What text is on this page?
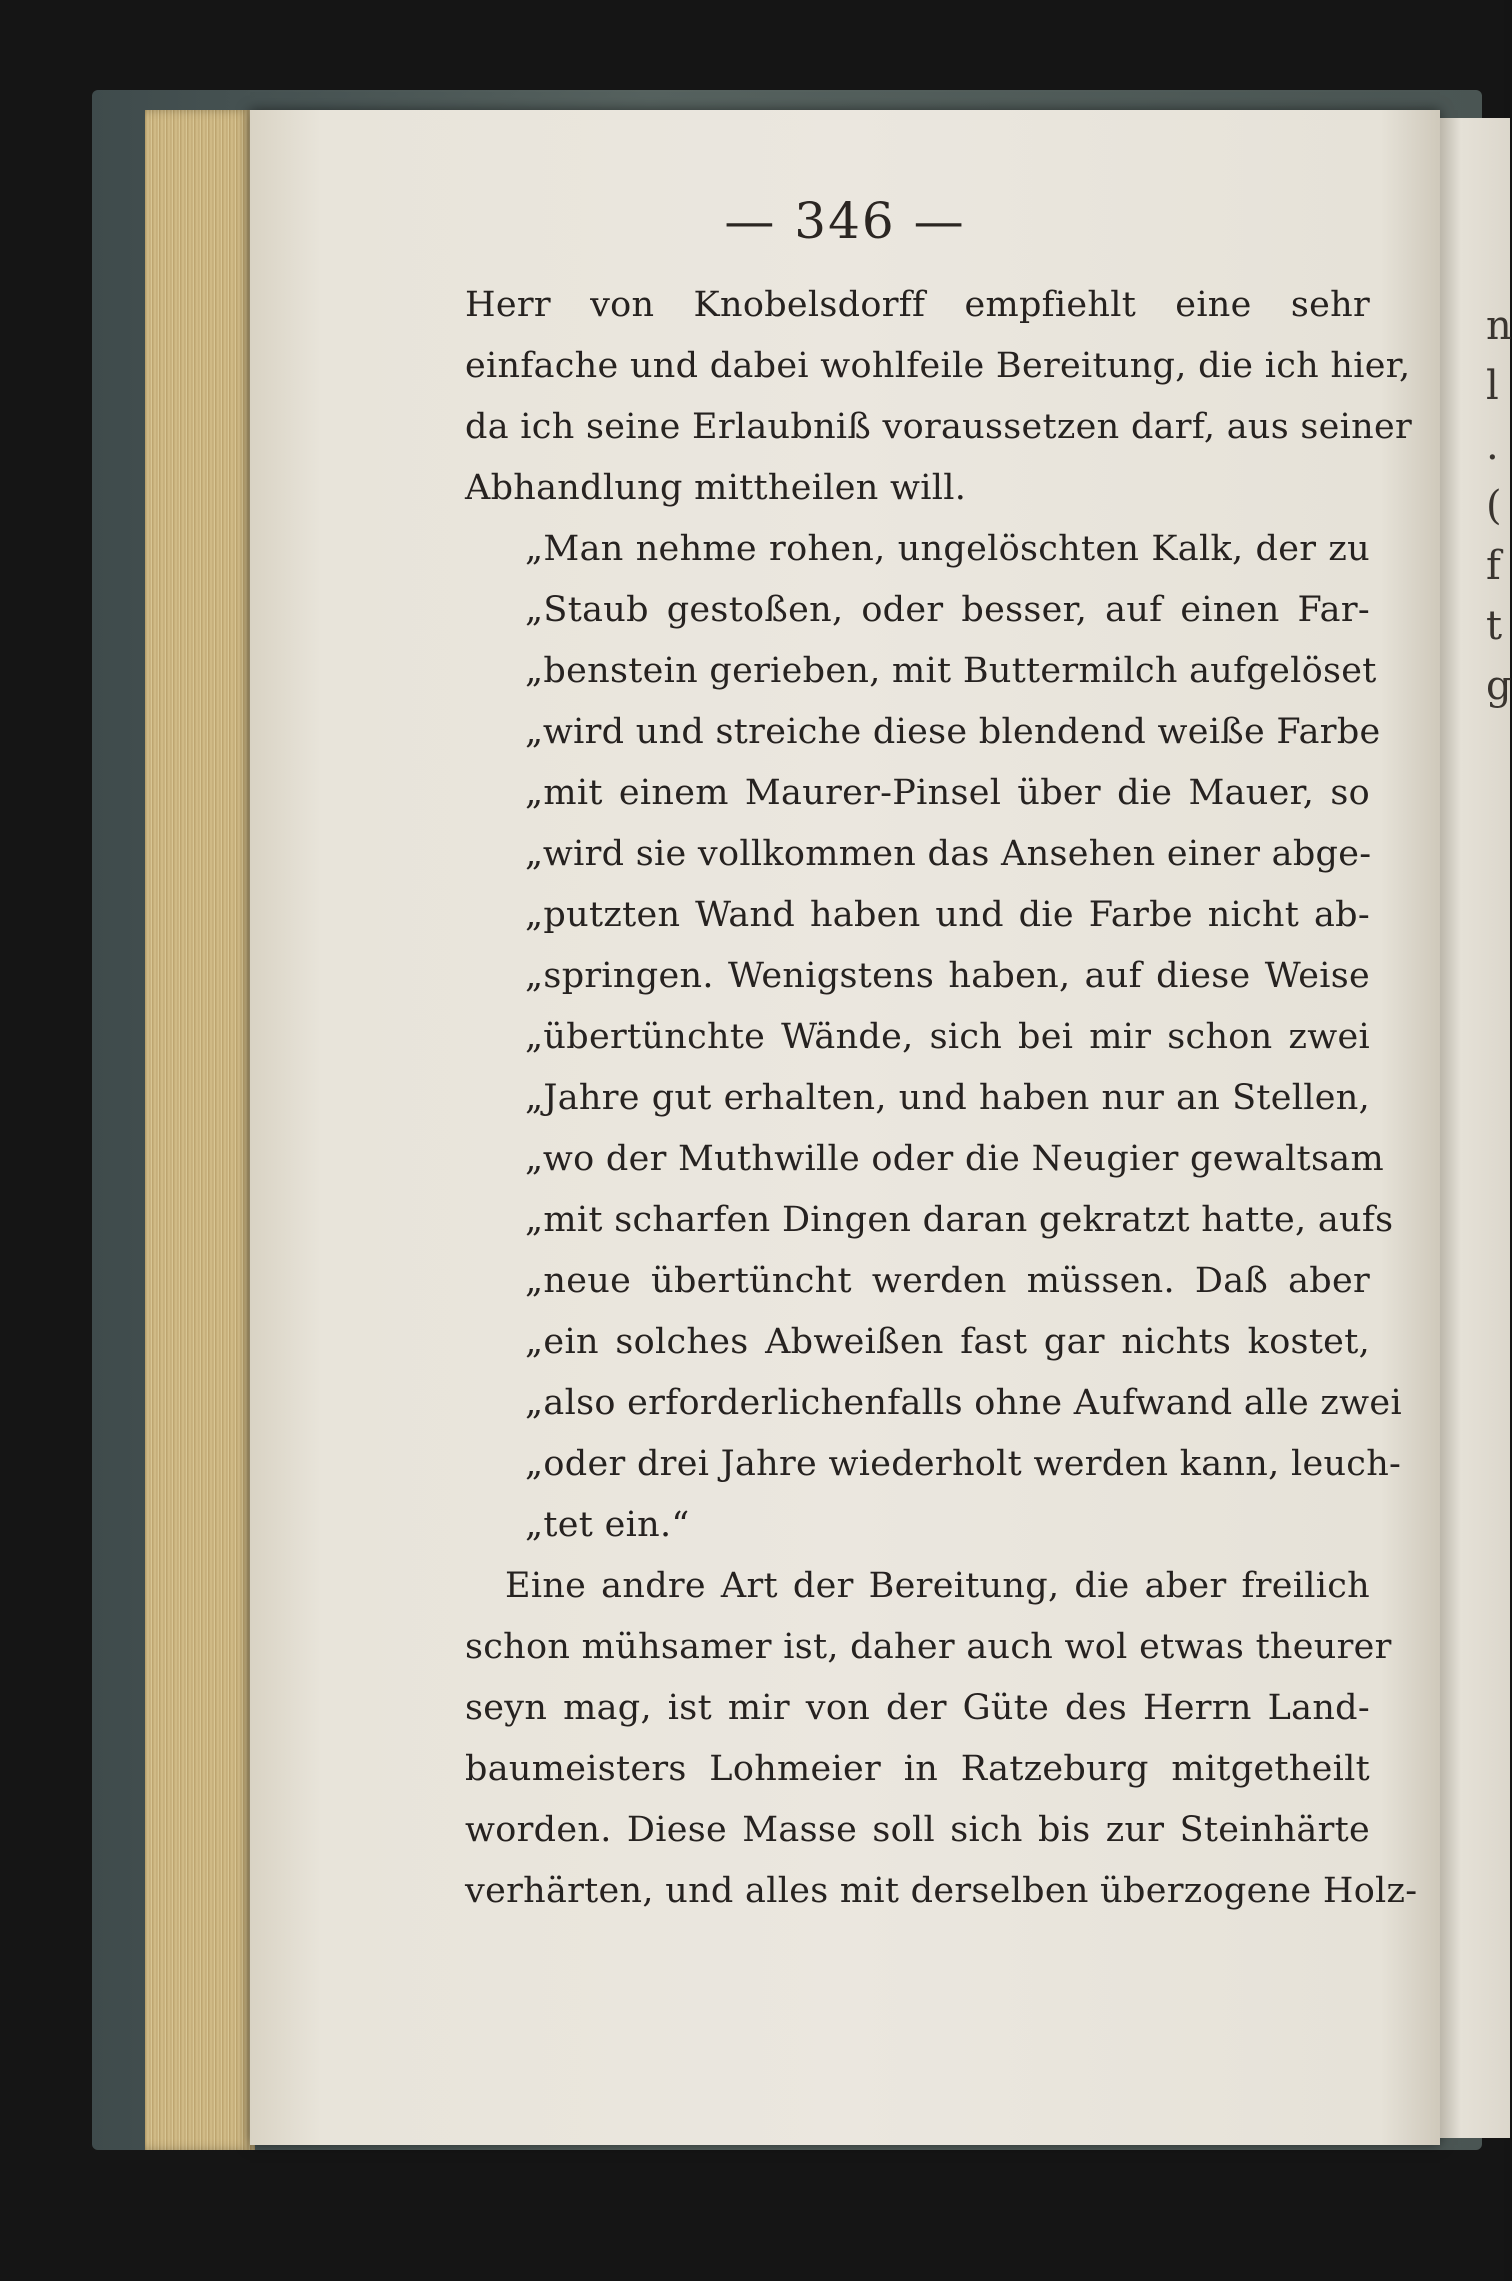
— 346 —
Herr von Knobelsdorff empfiehlt eine sehr
einfache und dabei wohlfeile Bereitung, die ich hier,
da ich seine Erlaubniß voraussetzen darf, aus seiner
Abhandlung mittheilen will.
„Man nehme rohen, ungelöschten Kalk, der zu
„Staub gestoßen, oder besser, auf einen Far-
„benstein gerieben, mit Buttermilch aufgelöset
„wird und streiche diese blendend weiße Farbe
„mit einem Maurer-Pinsel über die Mauer, so
„wird sie vollkommen das Ansehen einer abge-
„putzten Wand haben und die Farbe nicht ab-
„springen. Wenigstens haben, auf diese Weise
„übertünchte Wände, sich bei mir schon zwei
„Jahre gut erhalten, und haben nur an Stellen,
„wo der Muthwille oder die Neugier gewaltsam
„mit scharfen Dingen daran gekratzt hatte, aufs
„neue übertüncht werden müssen. Daß aber
„ein solches Abweißen fast gar nichts kostet,
„also erforderlichenfalls ohne Aufwand alle zwei
„oder drei Jahre wiederholt werden kann, leuch-
„tet ein.“
Eine andre Art der Bereitung, die aber freilich
schon mühsamer ist, daher auch wol etwas theurer
seyn mag, ist mir von der Güte des Herrn Land-
baumeisters Lohmeier in Ratzeburg mitgetheilt
worden. Diese Masse soll sich bis zur Steinhärte
verhärten, und alles mit derselben überzogene Holz-
n
l
.
(
f
t
g
